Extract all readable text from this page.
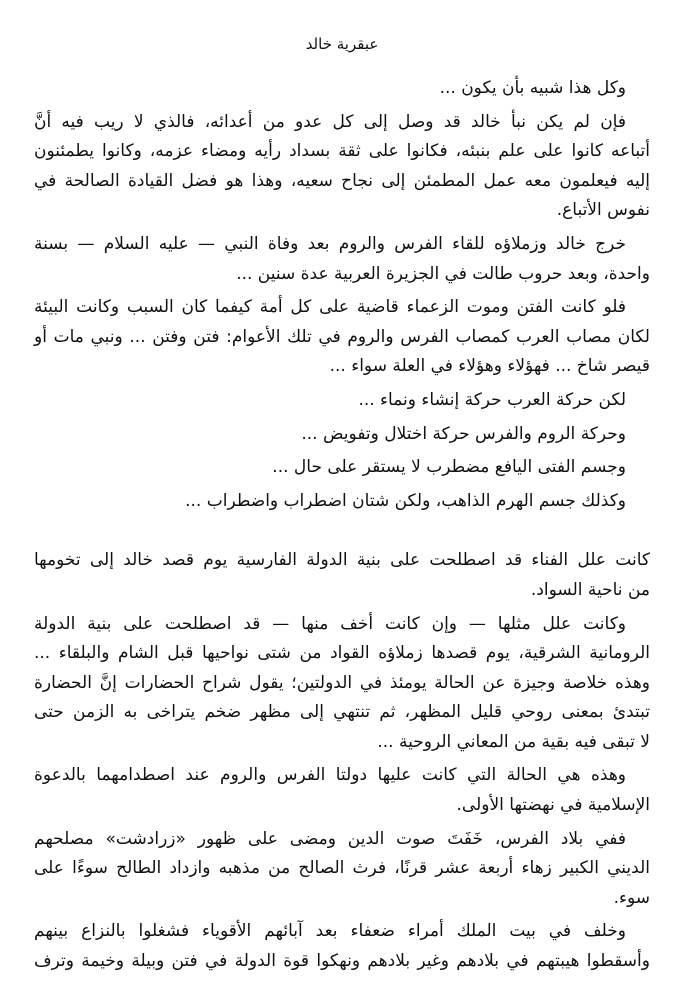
عبقرية خالد
وكل هذا شبيه بأن يكون ...
فإن لم يكن نبأ خالد قد وصل إلى كل عدو من أعدائه، فالذي لا ريب فيه أنَّ
أتباعه كانوا على علم بنبئه، فكانوا على ثقة بسداد رأيه ومضاء عزمه، وكانوا يطمئنون
إليه فيعلمون معه عمل المطمئن إلى نجاح سعيه، وهذا هو فضل القيادة الصالحة في
نفوس الأتباع.
خرج خالد وزملاؤه للقاء الفرس والروم بعد وفاة النبي — عليه السلام — بسنة
واحدة، وبعد حروب طالت في الجزيرة العربية عدة سنين ...
فلو كانت الفتن وموت الزعماء قاضية على كل أمة كيفما كان السبب وكانت البيئة
لكان مصاب العرب كمصاب الفرس والروم في تلك الأعوام: فتن وفتن ... ونبي مات أو
قيصر شاخ ... فهؤلاء وهؤلاء في العلة سواء ...
لكن حركة العرب حركة إنشاء ونماء ...
وحركة الروم والفرس حركة اختلال وتفويض ...
وجسم الفتى اليافع مضطرب لا يستقر على حال ...
وكذلك جسم الهرم الذاهب، ولكن شتان اضطراب واضطراب ...
كانت علل الفناء قد اصطلحت على بنية الدولة الفارسية يوم قصد خالد إلى تخومها
من ناحية السواد.
وكانت علل مثلها — وإن كانت أخف منها — قد اصطلحت على بنية الدولة
الرومانية الشرقية، يوم قصدها زملاؤه القواد من شتى نواحيها قبل الشام والبلقاء ...
وهذه خلاصة وجيزة عن الحالة يومئذ في الدولتين؛ يقول شراح الحضارات إنَّ الحضارة
تبتدئ بمعنى روحي قليل المظهر، ثم تنتهي إلى مظهر ضخم يتراخى به الزمن حتى
لا تبقى فيه بقية من المعاني الروحية ...
وهذه هي الحالة التي كانت عليها دولتا الفرس والروم عند اصطدامهما بالدعوة
الإسلامية في نهضتها الأولى.
ففي بلاد الفرس، خَفَتَ صوت الدين ومضى على ظهور «زرادشت» مصلحهم
الديني الكبير زهاء أربعة عشر قرنًا، فرث الصالح من مذهبه وازداد الطالح سوءًا على
سوء.
وخلف في بيت الملك أمراء ضعفاء بعد آبائهم الأقوياء فشغلوا بالنزاع بينهم
وأسقطوا هيبتهم في بلادهم وغير بلادهم ونهكوا قوة الدولة في فتن وبيلة وخيمة وترف
